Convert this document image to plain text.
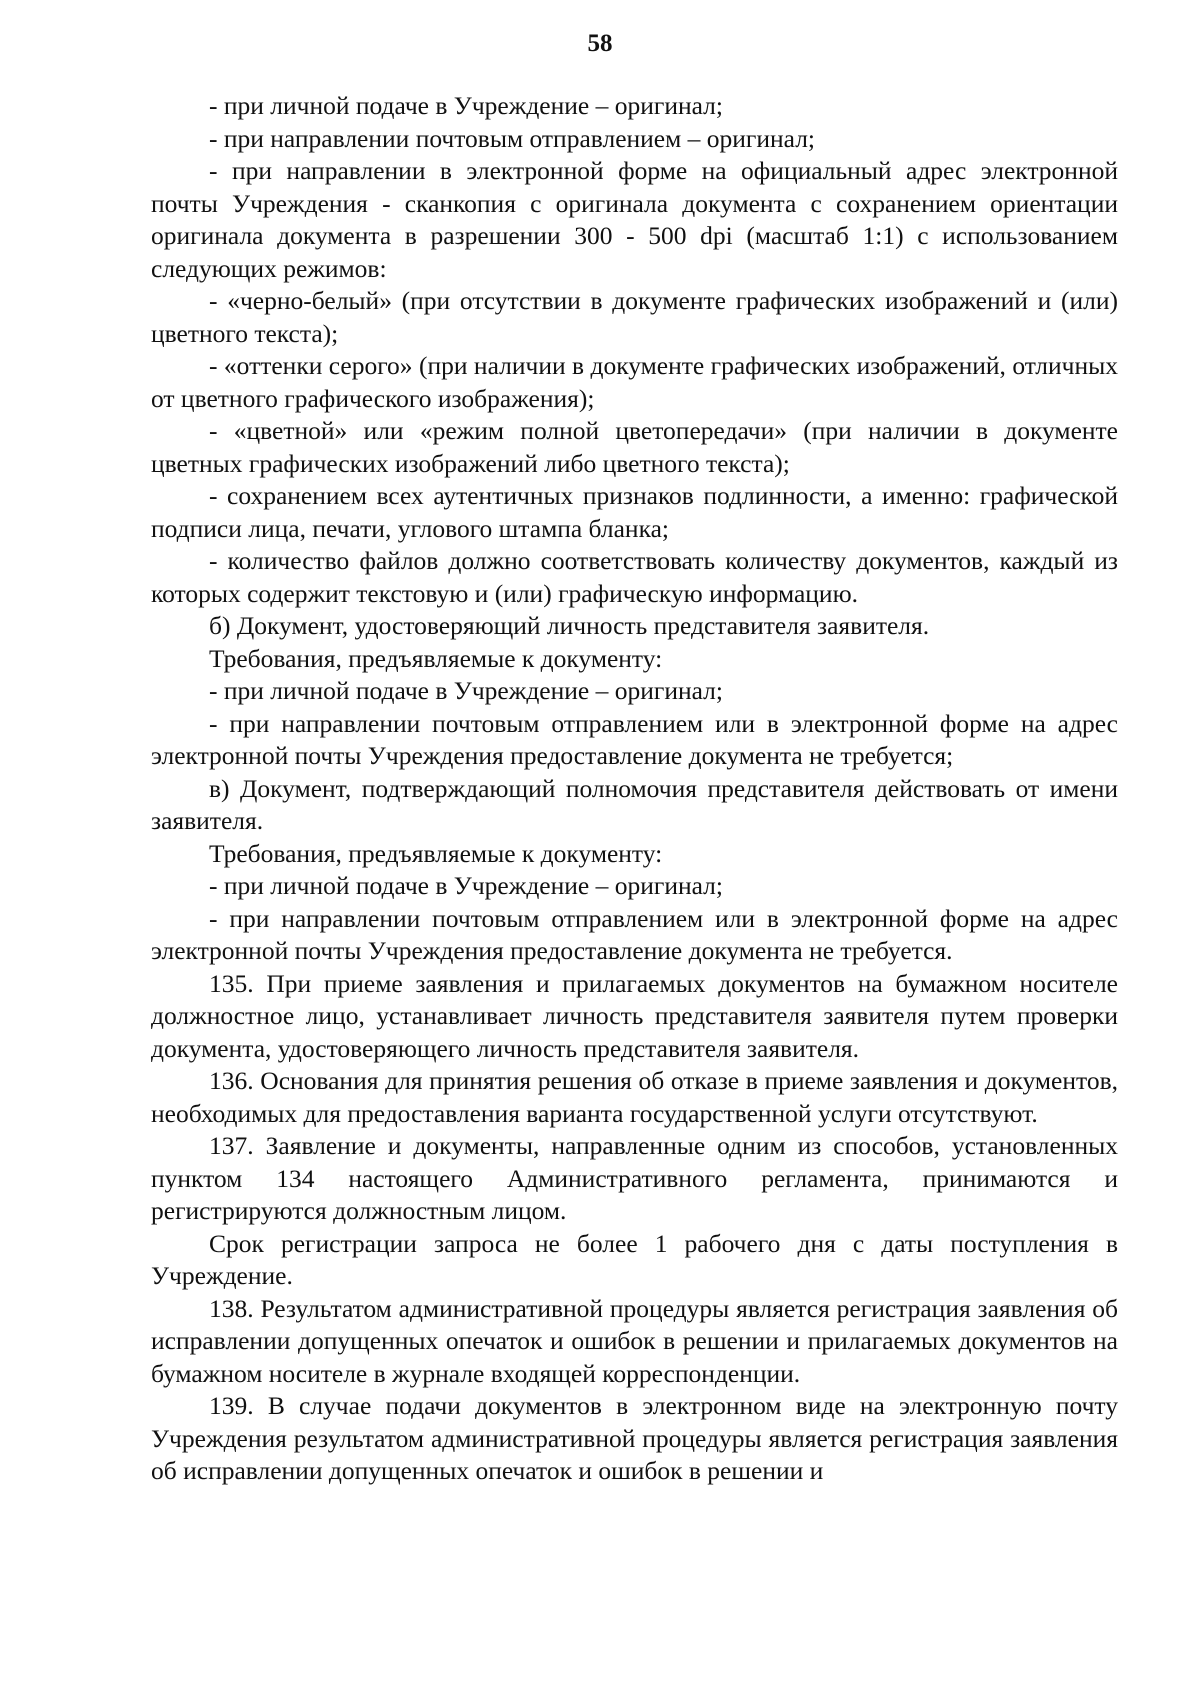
58

- при личной подаче в Учреждение – оригинал;

- при направлении почтовым отправлением – оригинал;

- при направлении в электронной форме на официальный адрес электронной почты Учреждения - сканкопия с оригинала документа с сохранением ориентации оригинала документа в разрешении 300 - 500 dpi (масштаб 1:1) с использованием следующих режимов:

- «черно-белый» (при отсутствии в документе графических изображений и (или) цветного текста);

- «оттенки серого» (при наличии в документе графических изображений, отличных от цветного графического изображения);

- «цветной» или «режим полной цветопередачи» (при наличии в документе цветных графических изображений либо цветного текста);

- сохранением всех аутентичных признаков подлинности, а именно: графической подписи лица, печати, углового штампа бланка;

- количество файлов должно соответствовать количеству документов, каждый из которых содержит текстовую и (или) графическую информацию.

б) Документ, удостоверяющий личность представителя заявителя.

Требования, предъявляемые к документу:

- при личной подаче в Учреждение – оригинал;

- при направлении почтовым отправлением или в электронной форме на адрес электронной почты Учреждения предоставление документа не требуется;

в) Документ, подтверждающий полномочия представителя действовать от имени заявителя.

Требования, предъявляемые к документу:

- при личной подаче в Учреждение – оригинал;

- при направлении почтовым отправлением или в электронной форме на адрес электронной почты Учреждения предоставление документа не требуется.

135. При приеме заявления и прилагаемых документов на бумажном носителе должностное лицо, устанавливает личность представителя заявителя путем проверки документа, удостоверяющего личность представителя заявителя.

136. Основания для принятия решения об отказе в приеме заявления и документов, необходимых для предоставления варианта государственной услуги отсутствуют.

137. Заявление и документы, направленные одним из способов, установленных пунктом 134 настоящего Административного регламента, принимаются и регистрируются должностным лицом.

Срок регистрации запроса не более 1 рабочего дня с даты поступления в Учреждение.

138. Результатом административной процедуры является регистрация заявления об исправлении допущенных опечаток и ошибок в решении и прилагаемых документов на бумажном носителе в журнале входящей корреспонденции.

139. В случае подачи документов в электронном виде на электронную почту Учреждения результатом административной процедуры является регистрация заявления об исправлении допущенных опечаток и ошибок в решении и
